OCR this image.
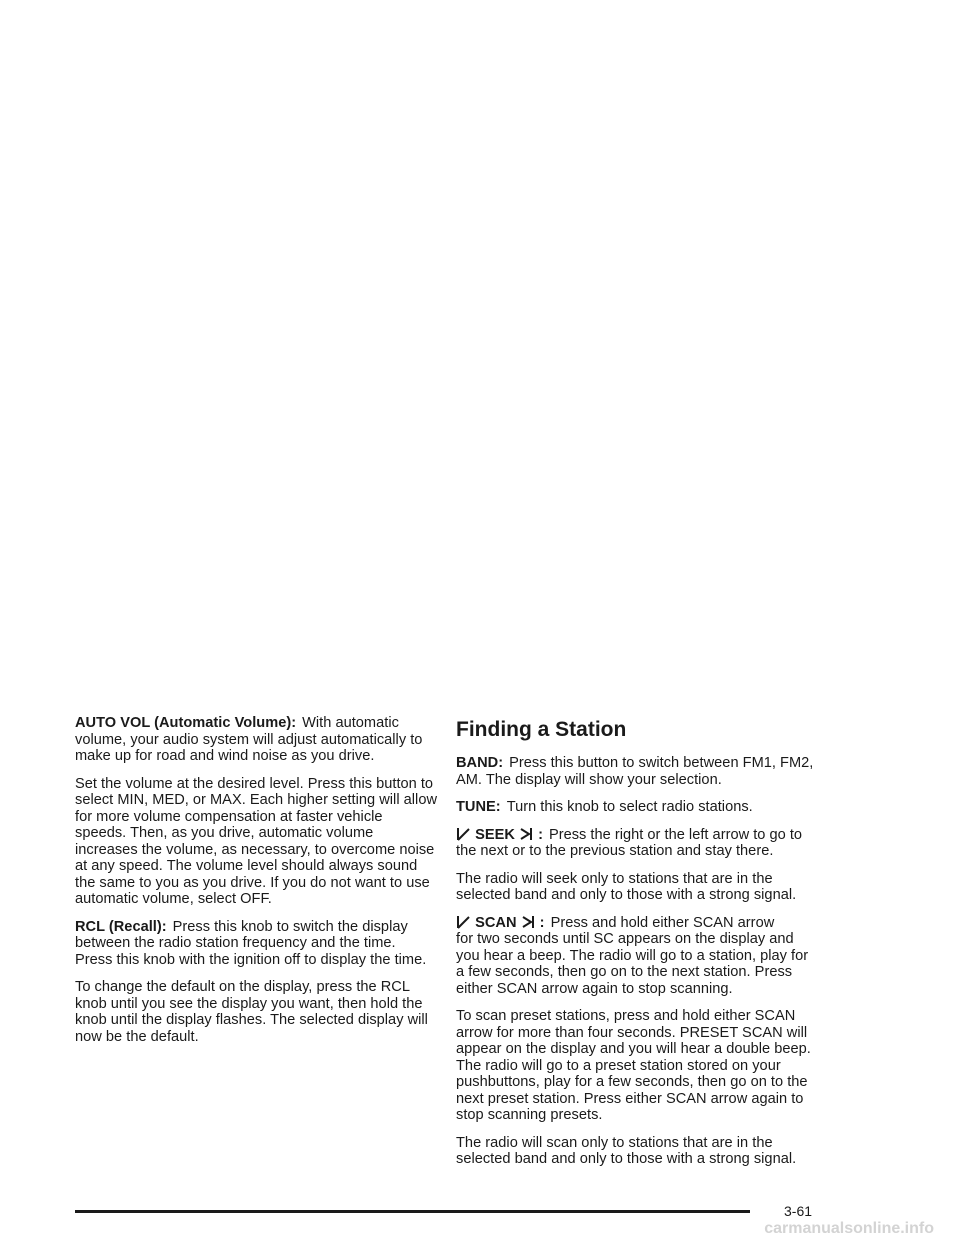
AUTO VOL (Automatic Volume): With automatic volume, your audio system will adjust automatically to make up for road and wind noise as you drive.

Set the volume at the desired level. Press this button to select MIN, MED, or MAX. Each higher setting will allow for more volume compensation at faster vehicle speeds. Then, as you drive, automatic volume increases the volume, as necessary, to overcome noise at any speed. The volume level should always sound the same to you as you drive. If you do not want to use automatic volume, select OFF.

RCL (Recall): Press this knob to switch the display between the radio station frequency and the time. Press this knob with the ignition off to display the time.

To change the default on the display, press the RCL knob until you see the display you want, then hold the knob until the display flashes. The selected display will now be the default.

Finding a Station

BAND: Press this button to switch between FM1, FM2, AM. The display will show your selection.

TUNE: Turn this knob to select radio stations.

SEEK : Press the right or the left arrow to go to
the next or to the previous station and stay there.

The radio will seek only to stations that are in the selected band and only to those with a strong signal.

SCAN : Press and hold either SCAN arrow
for two seconds until SC appears on the display and you hear a beep. The radio will go to a station, play for a few seconds, then go on to the next station. Press either SCAN arrow again to stop scanning.

To scan preset stations, press and hold either SCAN arrow for more than four seconds. PRESET SCAN will appear on the display and you will hear a double beep. The radio will go to a preset station stored on your pushbuttons, play for a few seconds, then go on to the next preset station. Press either SCAN arrow again to stop scanning presets.

The radio will scan only to stations that are in the selected band and only to those with a strong signal.

3-61
carmanualsonline.info
